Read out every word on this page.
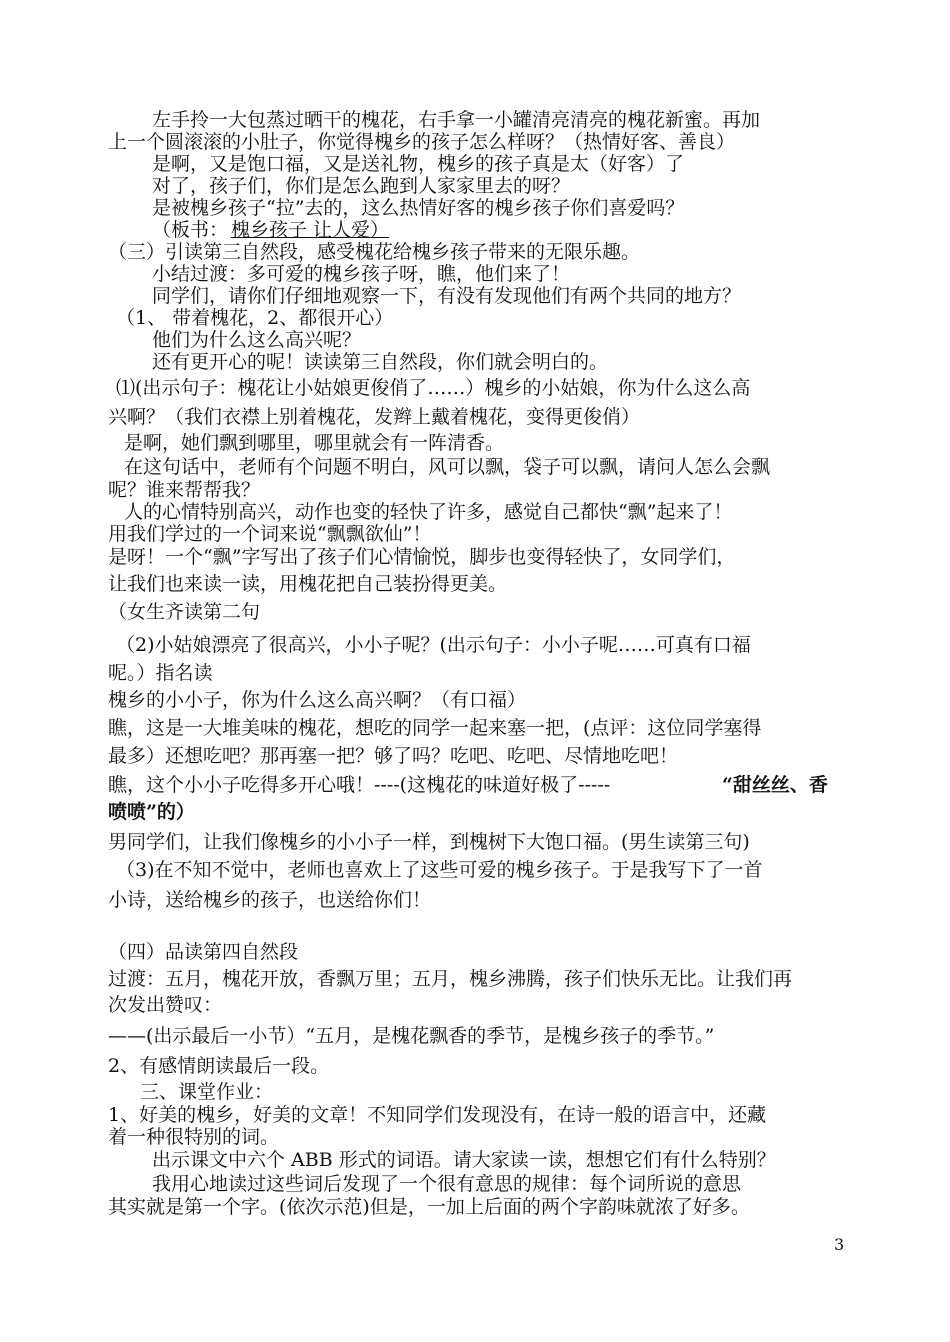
左手拎一大包蒸过晒干的槐花，右手拿一小罐清亮清亮的槐花新蜜。再加
上一个圆滚滚的小肚子，你觉得槐乡的孩子怎么样呀？（热情好客、善良）
是啊，又是饱口福，又是送礼物，槐乡的孩子真是太（好客）了
对了，孩子们，你们是怎么跑到人家家里去的呀？
是被槐乡孩子“拉”去的，这么热情好客的槐乡孩子你们喜爱吗？
（板书： 槐乡孩子 让人爱）
（三）引读第三自然段，感受槐花给槐乡孩子带来的无限乐趣。
小结过渡：多可爱的槐乡孩子呀，瞧，他们来了！
同学们，请你们仔细地观察一下，有没有发现他们有两个共同的地方？
（1、 带着槐花，2、都很开心）
他们为什么这么高兴呢？
还有更开心的呢！读读第三自然段，你们就会明白的。
⑴(出示句子：槐花让小姑娘更俊俏了……）槐乡的小姑娘，你为什么这么高
兴啊？（我们衣襟上别着槐花，发辫上戴着槐花，变得更俊俏）
是啊，她们飘到哪里，哪里就会有一阵清香。
在这句话中，老师有个问题不明白，风可以飘，袋子可以飘，请问人怎么会飘
呢？谁来帮帮我？
人的心情特别高兴，动作也变的轻快了许多，感觉自己都快“飘”起来了！
用我们学过的一个词来说“飘飘欲仙”！
是呀！一个“飘”字写出了孩子们心情愉悦，脚步也变得轻快了，女同学们，
让我们也来读一读，用槐花把自己装扮得更美。
（女生齐读第二句
（2)小姑娘漂亮了很高兴，小小子呢？(出示句子：小小子呢……可真有口福
呢。）指名读
槐乡的小小子，你为什么这么高兴啊？（有口福）
瞧，这是一大堆美味的槐花，想吃的同学一起来塞一把，(点评：这位同学塞得
最多）还想吃吧？那再塞一把？够了吗？吃吧、吃吧、尽情地吃吧！
瞧，这个小小子吃得多开心哦！----(这槐花的味道好极了-----	“甜丝丝、香
喷喷”的）
男同学们，让我们像槐乡的小小子一样，到槐树下大饱口福。(男生读第三句)
（3)在不知不觉中，老师也喜欢上了这些可爱的槐乡孩子。于是我写下了一首
小诗，送给槐乡的孩子，也送给你们！
（四）品读第四自然段
过渡：五月，槐花开放，香飘万里；五月，槐乡沸腾，孩子们快乐无比。让我们再
次发出赞叹：
——(出示最后一小节）“五月，是槐花飘香的季节，是槐乡孩子的季节。”
2、有感情朗读最后一段。
三、课堂作业：
1、好美的槐乡，好美的文章！不知同学们发现没有，在诗一般的语言中，还藏
着一种很特别的词。
出示课文中六个 ABB 形式的词语。请大家读一读，想想它们有什么特别？
我用心地读过这些词后发现了一个很有意思的规律：每个词所说的意思
其实就是第一个字。(依次示范)但是，一加上后面的两个字韵味就浓了好多。
3
